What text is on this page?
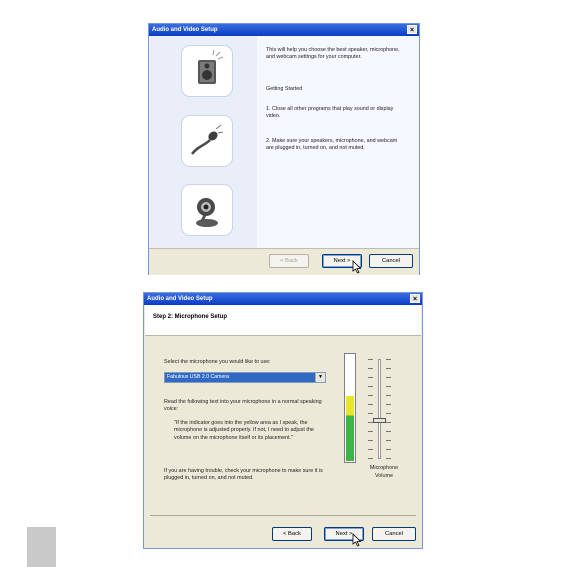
Audio and Video Setup	×
This will help you choose the best speaker, microphone, and webcam settings for your computer.
Getting Started
1. Close all other programs that play sound or display video.
2. Make sure your speakers, microphone, and webcam are plugged in, turned on, and not muted.
< Back	Next >	Cancel
Audio and Video Setup	×
Step 2: Microphone Setup
Select the microphone you would like to use:
Fabulous USB 2.0 Camera	▼
Read the following text into your microphone in a normal speaking voice:
"If the indicator goes into the yellow area as I speak, the microphone is adjusted properly. If not, I need to adjust the volume on the microphone itself or its placement."
If you are having trouble, check your microphone to make sure it is plugged in, turned on, and not muted.
Microphone
Volume
< Back	Next >	Cancel
